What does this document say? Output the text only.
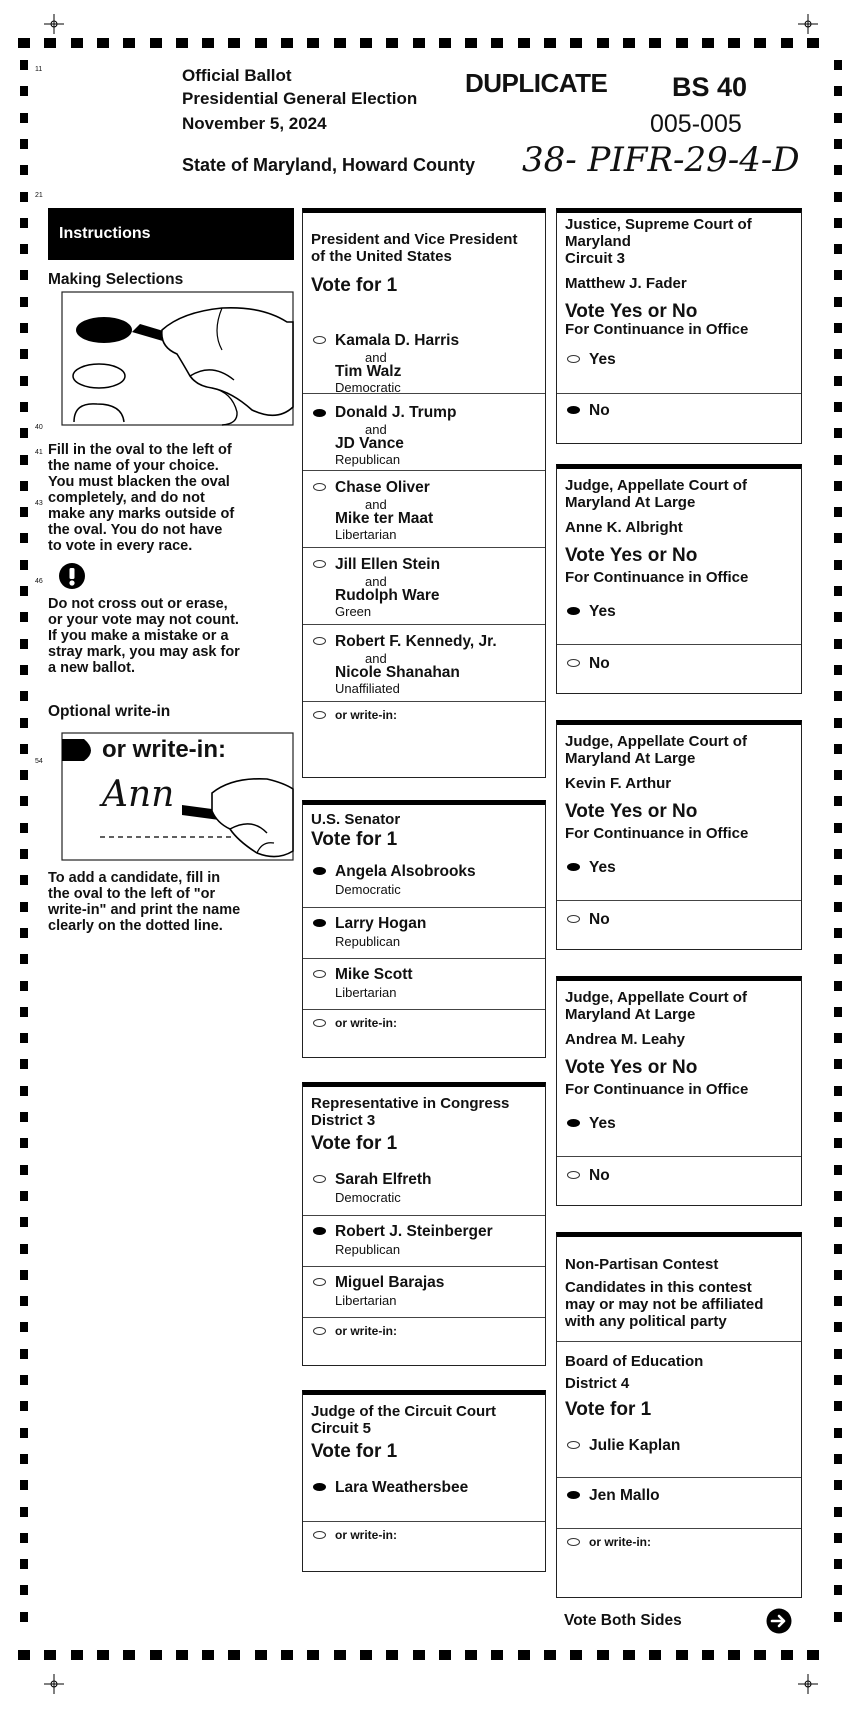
11
21
40
41
43
46
54
Official Ballot
Presidential General Election
November 5, 2024
DUPLICATE BS 40
005-005
State of Maryland, Howard County 38- PIFR-29-4-D
Instructions
Making Selections
Fill in the oval to the left of
the name of your choice.
You must blacken the oval
completely, and do not
make any marks outside of
the oval. You do not have
to vote in every race.
Do not cross out or erase,
or your vote may not count.
If you make a mistake or a
stray mark, you may ask for
a new ballot.
Optional write-in
or write-in:
Ann
To add a candidate, fill in
the oval to the left of "or
write-in" and print the name
clearly on the dotted line.
President and Vice President
of the United States
Vote for 1
Kamala D. Harris
and
Tim Walz
Democratic
Donald J. Trump
and
JD Vance
Republican
Chase Oliver
and
Mike ter Maat
Libertarian
Jill Ellen Stein
and
Rudolph Ware
Green
Robert F. Kennedy, Jr.
and
Nicole Shanahan
Unaffiliated
or write-in:
U.S. Senator
Vote for 1
Angela Alsobrooks
Democratic
Larry Hogan
Republican
Mike Scott
Libertarian
or write-in:
Representative in Congress
District 3
Vote for 1
Sarah Elfreth
Democratic
Robert J. Steinberger
Republican
Miguel Barajas
Libertarian
or write-in:
Judge of the Circuit Court
Circuit 5
Vote for 1
Lara Weathersbee
or write-in:
Justice, Supreme Court of
Maryland
Circuit 3
Matthew J. Fader
Vote Yes or No
For Continuance in Office
Yes
No
Judge, Appellate Court of
Maryland At Large
Anne K. Albright
Vote Yes or No
For Continuance in Office
Yes
No
Judge, Appellate Court of
Maryland At Large
Kevin F. Arthur
Vote Yes or No
For Continuance in Office
Yes
No
Judge, Appellate Court of
Maryland At Large
Andrea M. Leahy
Vote Yes or No
For Continuance in Office
Yes
No
Non-Partisan Contest
Candidates in this contest
may or may not be affiliated
with any political party
Board of Education
District 4
Vote for 1
Julie Kaplan
Jen Mallo
or write-in:
Vote Both Sides
